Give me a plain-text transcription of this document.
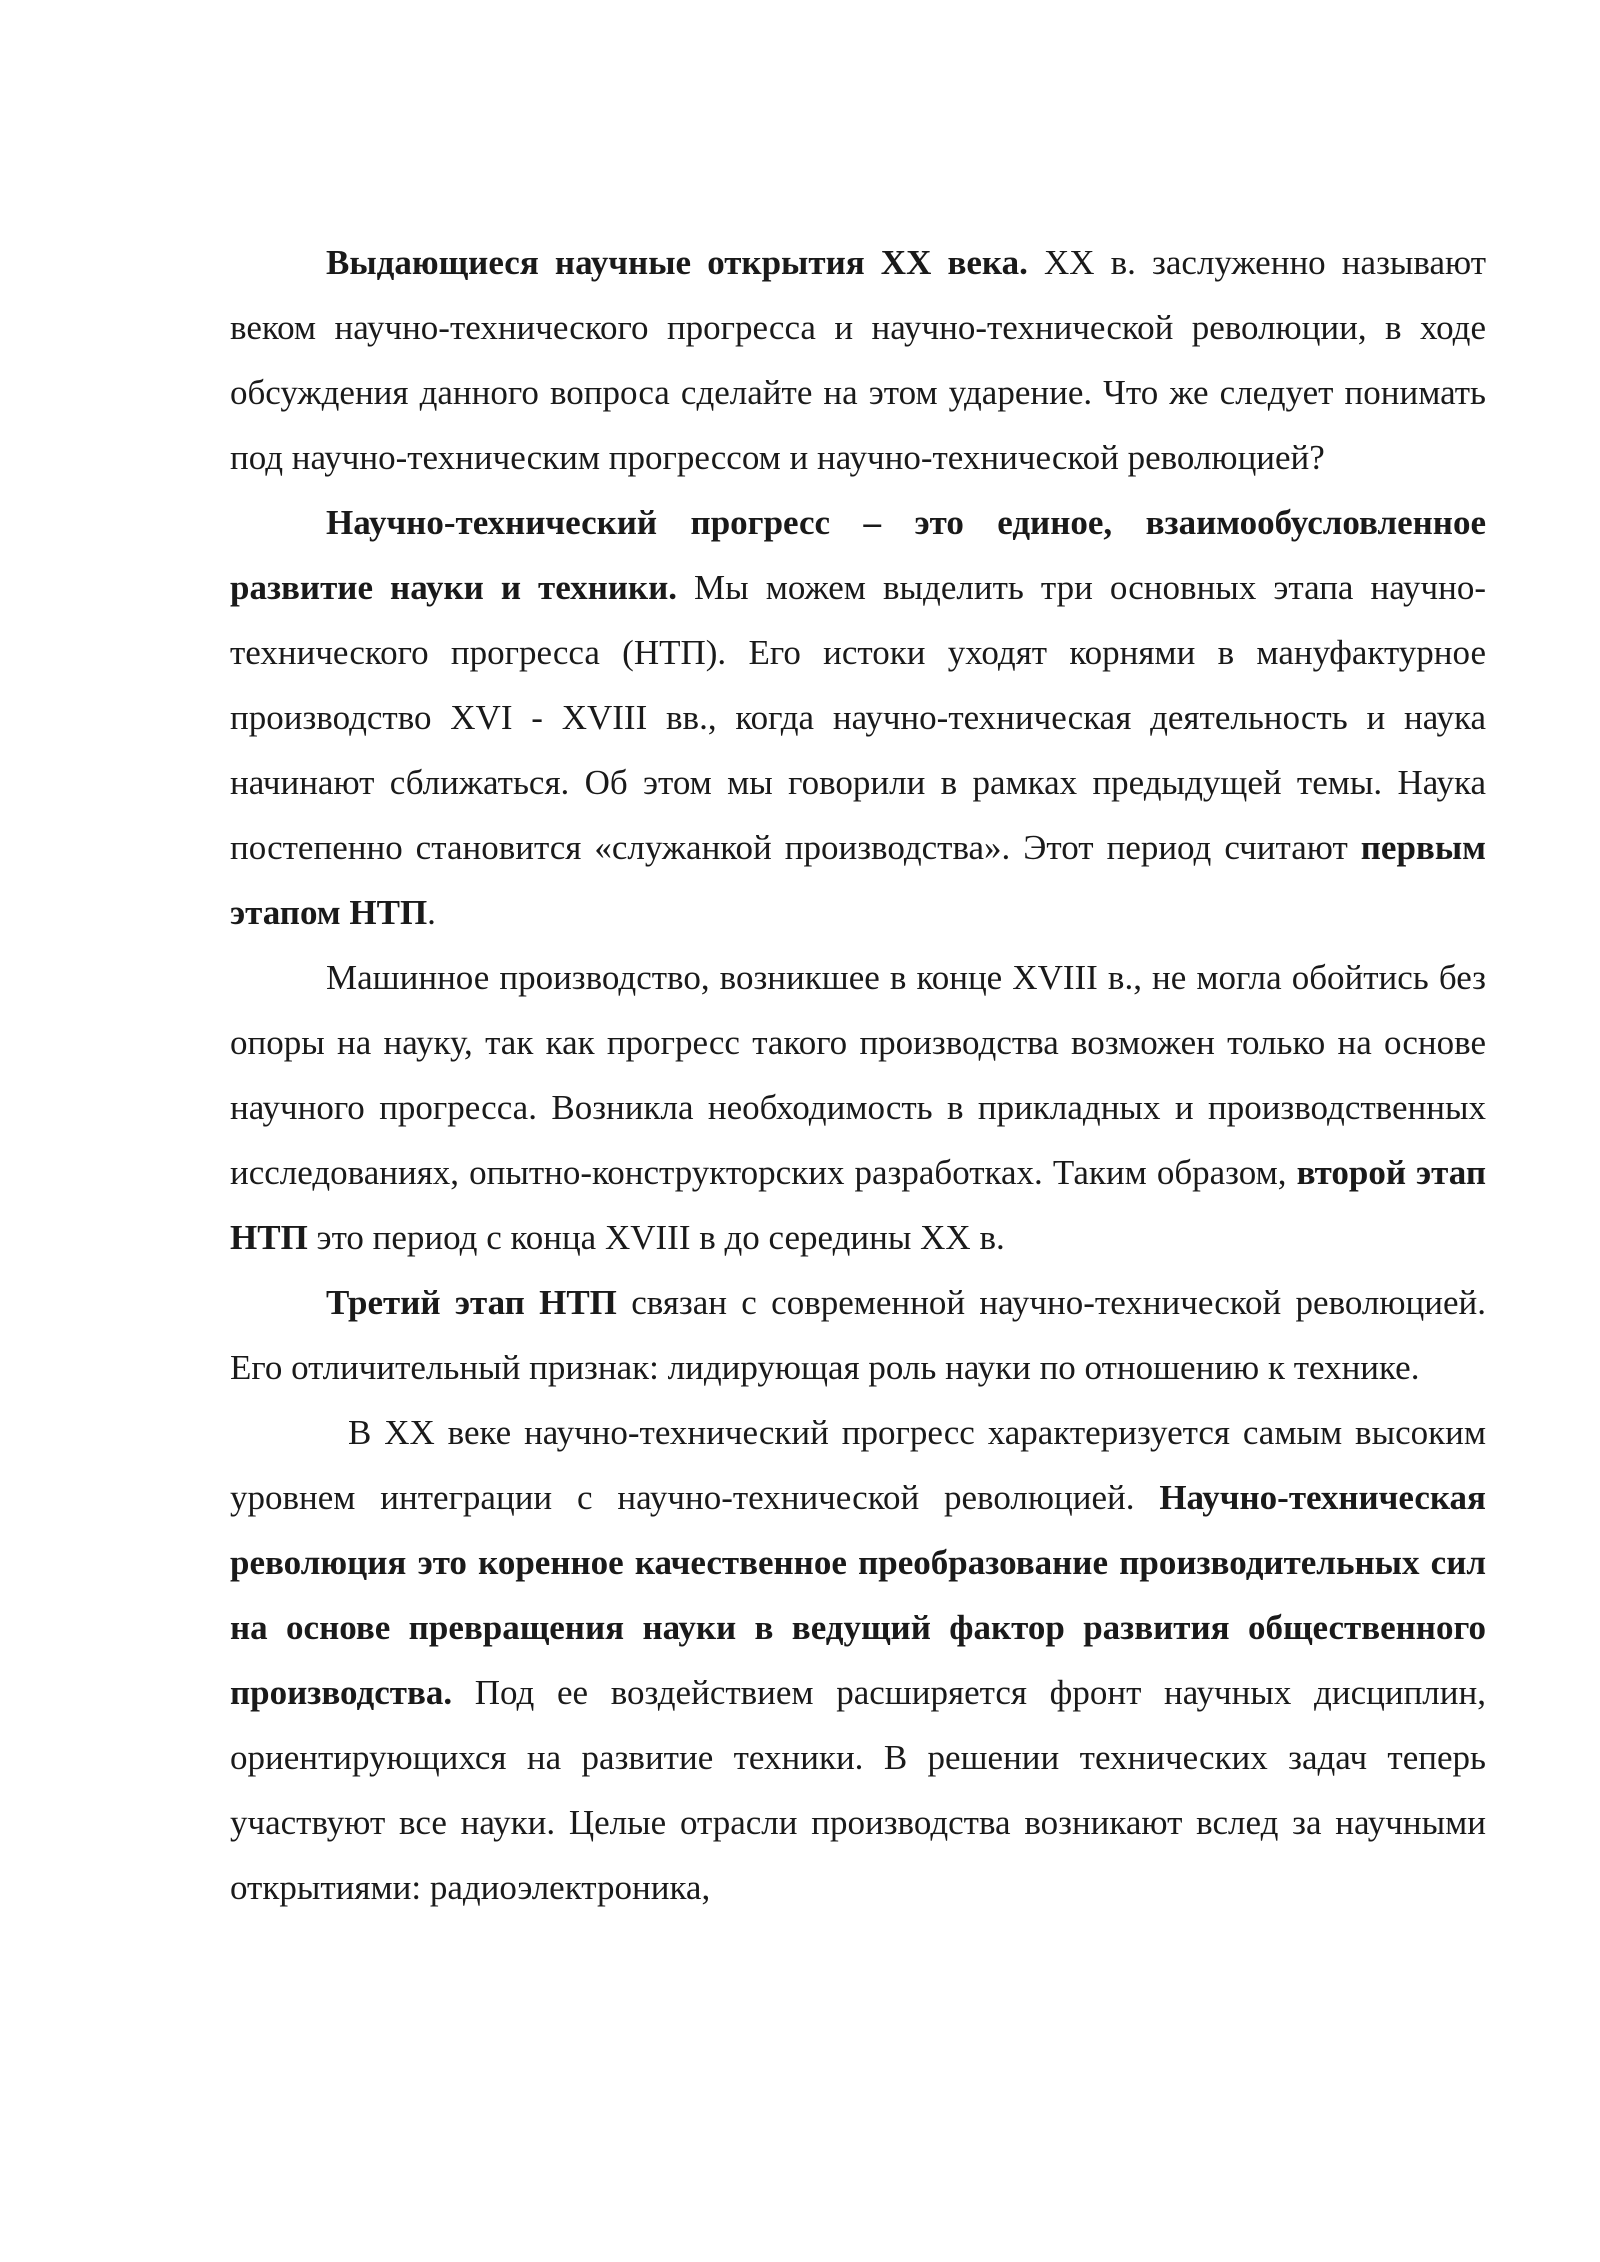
Выдающиеся научные открытия XX века. XX в. заслуженно называют веком научно-технического прогресса и научно-технической революции, в ходе обсуждения данного вопроса сделайте на этом ударение. Что же следует понимать под научно-техническим прогрессом и научно-технической революцией?

Научно-технический прогресс – это единое, взаимообусловленное развитие науки и техники. Мы можем выделить три основных этапа научно-технического прогресса (НТП). Его истоки уходят корнями в мануфактурное производство XVI - XVIII вв., когда научно-техническая деятельность и наука начинают сближаться. Об этом мы говорили в рамках предыдущей темы. Наука постепенно становится «служанкой производства». Этот период считают первым этапом НТП.

Машинное производство, возникшее в конце XVIII в., не могла обойтись без опоры на науку, так как прогресс такого производства возможен только на основе научного прогресса. Возникла необходимость в прикладных и производственных исследованиях, опытно-конструкторских разработках. Таким образом, второй этап НТП это период с конца XVIII в до середины XX в.

Третий этап НТП связан с современной научно-технической революцией. Его отличительный признак: лидирующая роль науки по отношению к технике.

В XX веке научно-технический прогресс характеризуется самым высоким уровнем интеграции с научно-технической революцией. Научно-техническая революция это коренное качественное преобразование производительных сил на основе превращения науки в ведущий фактор развития общественного производства. Под ее воздействием расширяется фронт научных дисциплин, ориентирующихся на развитие техники. В решении технических задач теперь участвуют все науки. Целые отрасли производства возникают вслед за научными открытиями: радиоэлектроника,
